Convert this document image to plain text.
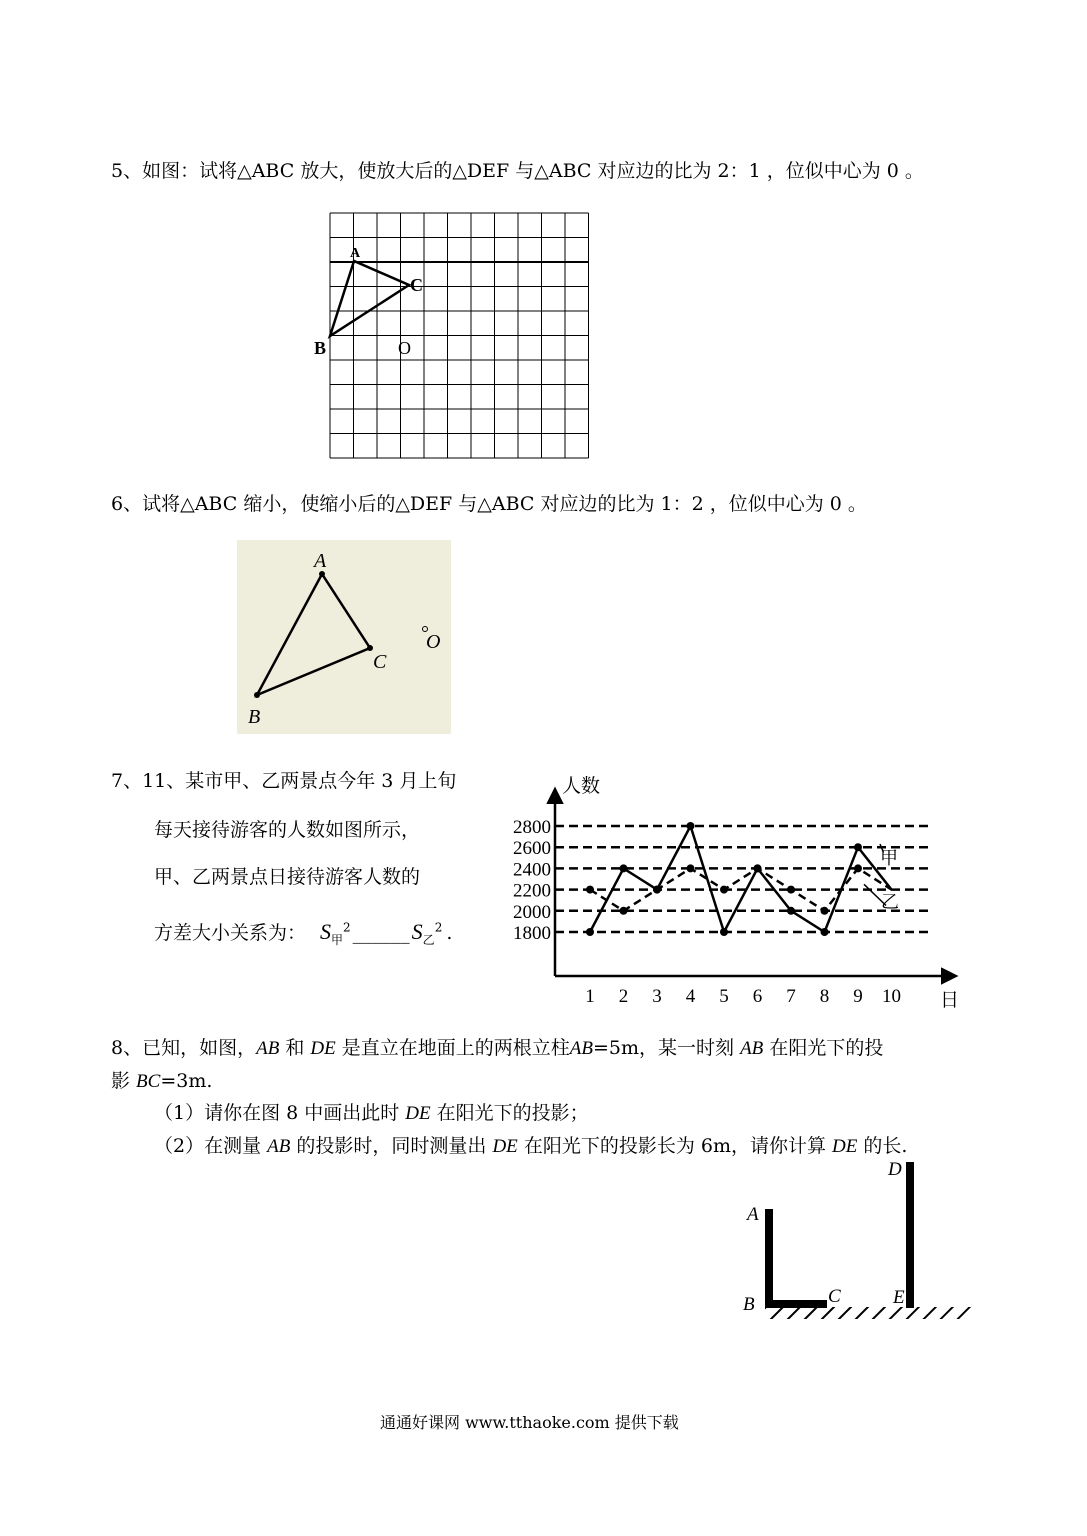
5、如图：试将△ABC 放大，使放大后的△DEF 与△ABC 对应边的比为 2：1 ，位似中心为 0 。
A
B
C
O
6、试将△ABC 缩小，使缩小后的△DEF 与△ABC 对应边的比为 1：2 ，位似中心为 0 。
A
B
C
O
7、11、某市甲、乙两景点今年 3 月上旬
每天接待游客的人数如图所示，
甲、乙两景点日接待游客人数的
方差大小关系为： $S_甲^2$ $\_\_\_\_\_\_S_乙^2$ .
人数
日
1800
2000
2200
2400
2600
2800
1 2 3 4 5 6 7 8 9 10
甲
乙
8、已知，如图，AB 和 DE 是直立在地面上的两根立柱AB=5m，某一时刻 AB 在阳光下的投
影 BC=3m.
（1）请你在图 8 中画出此时 DE 在阳光下的投影；
（2）在测量 AB 的投影时，同时测量出 DE 在阳光下的投影长为 6m，请你计算 DE 的长.
A
B	C
D
E
通通好课网 www.tthaoke.com 提供下载
